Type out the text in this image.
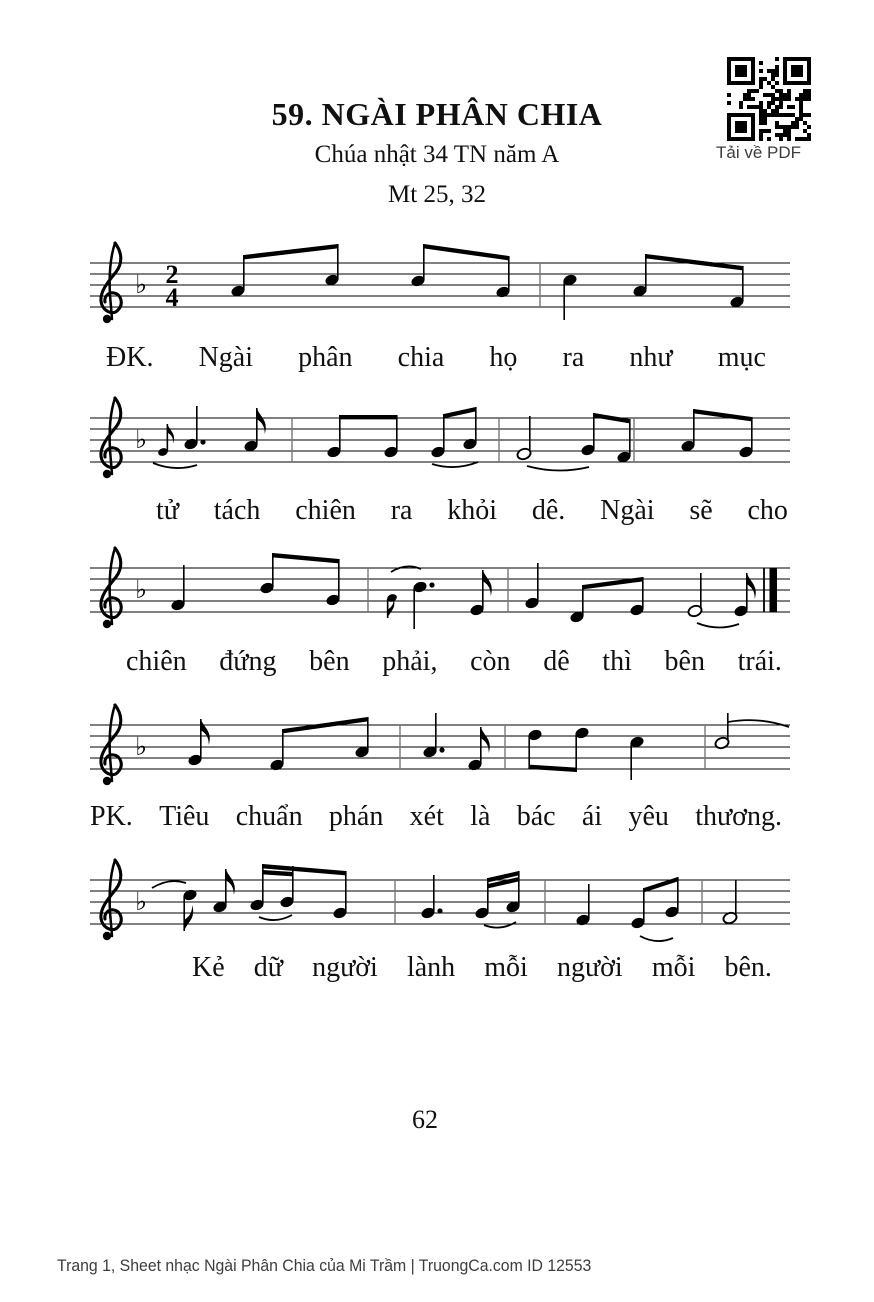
♭ 2
4
♭
♭
♭
♭
59. NGÀI PHÂN CHIA
Chúa nhật 34 TN năm A
Mt 25, 32
Tải về PDF
ĐK. Ngài phân chia họ ra như mục
tử tách chiên ra khỏi dê. Ngài sẽ cho
chiên đứng bên phải, còn dê thì bên trái.
PK. Tiêu chuẩn phán xét là bác ái yêu thương.
Kẻ dữ người lành mỗi người mỗi bên.
62
Trang 1, Sheet nhạc Ngài Phân Chia của Mi Trầm | TruongCa.com ID 12553
